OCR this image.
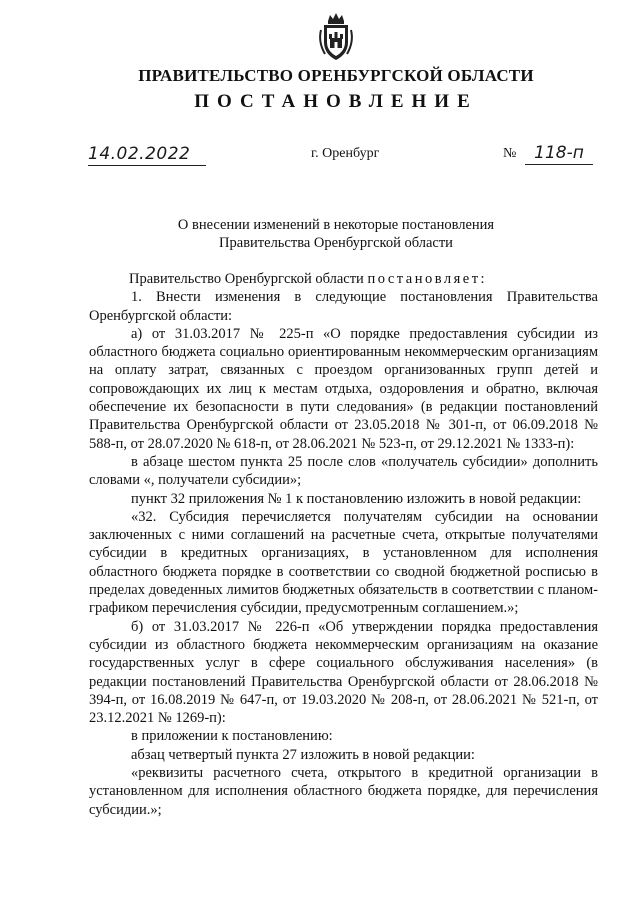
ПРАВИТЕЛЬСТВО ОРЕНБУРГСКОЙ ОБЛАСТИ
ПОСТАНОВЛЕНИЕ
14.02.2022	г. Оренбург	№	118-п
О внесении изменений в некоторые постановления
Правительства Оренбургской области

Правительство Оренбургской области постановляет:

1. Внести изменения в следующие постановления Правительства Оренбургской области:

а) от 31.03.2017 № 225-п «О порядке предоставления субсидии из областного бюджета социально ориентированным некоммерческим организациям на оплату затрат, связанных с проездом организованных групп детей и сопровождающих их лиц к местам отдыха, оздоровления и обратно, включая обеспечение их безопасности в пути следования» (в редакции постановлений Правительства Оренбургской области от 23.05.2018 № 301-п, от 06.09.2018 № 588-п, от 28.07.2020 № 618-п, от 28.06.2021 № 523-п, от 29.12.2021 № 1333-п):

в абзаце шестом пункта 25 после слов «получатель субсидии» дополнить словами «, получатели субсидии»;

пункт 32 приложения № 1 к постановлению изложить в новой редакции:

«32. Субсидия перечисляется получателям субсидии на основании заключенных с ними соглашений на расчетные счета, открытые получателями субсидии в кредитных организациях, в установленном для исполнения областного бюджета порядке в соответствии со сводной бюджетной росписью в пределах доведенных лимитов бюджетных обязательств в соответствии с планом-графиком перечисления субсидии, предусмотренным соглашением.»;

б) от 31.03.2017 № 226-п «Об утверждении порядка предоставления субсидии из областного бюджета некоммерческим организациям на оказание государственных услуг в сфере социального обслуживания населения» (в редакции постановлений Правительства Оренбургской области от 28.06.2018 № 394-п, от 16.08.2019 № 647-п, от 19.03.2020 № 208-п, от 28.06.2021 № 521-п, от 23.12.2021 № 1269-п):

в приложении к постановлению:

абзац четвертый пункта 27 изложить в новой редакции:

«реквизиты расчетного счета, открытого в кредитной организации в установленном для исполнения областного бюджета порядке, для перечисления субсидии.»;
